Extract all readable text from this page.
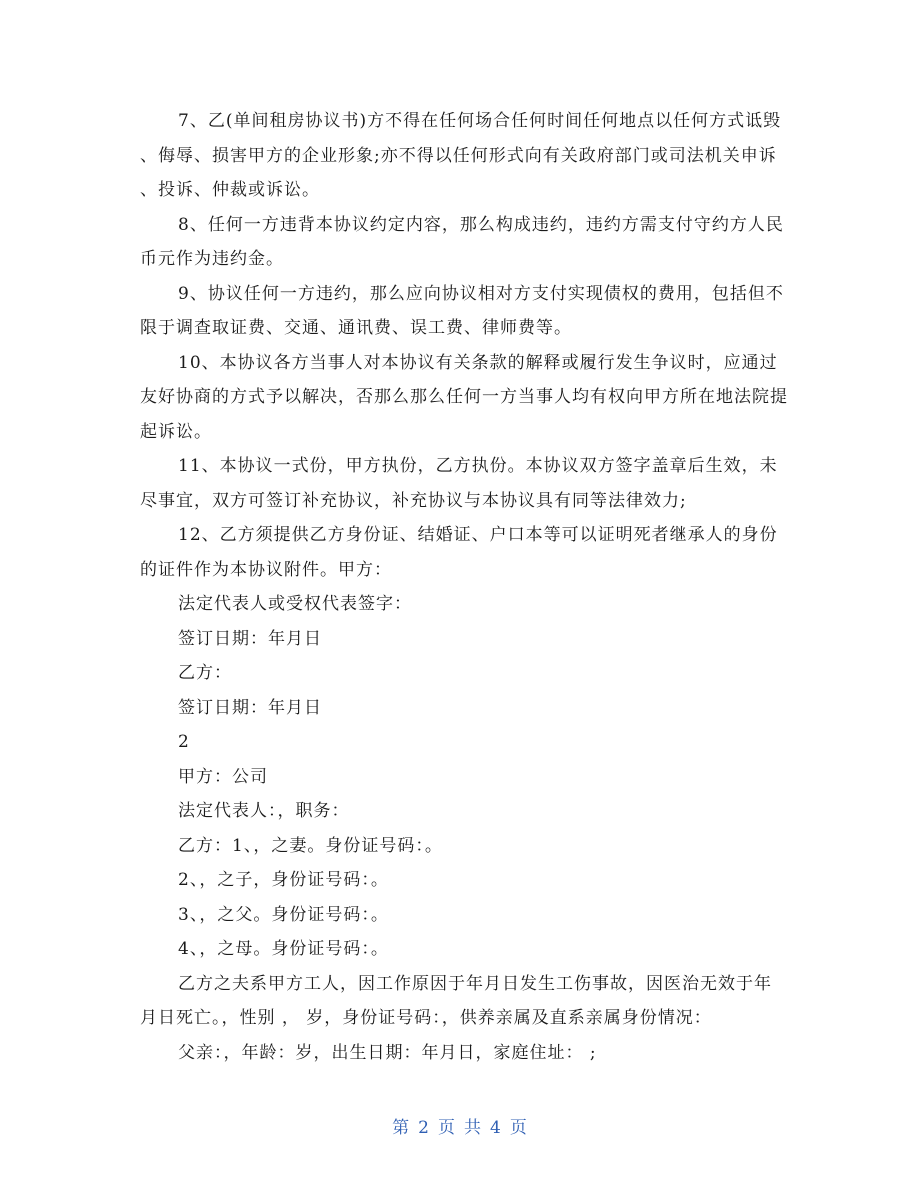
7、乙(单间租房协议书)方不得在任何场合任何时间任何地点以任何方式诋毁
、侮辱、损害甲方的企业形象;亦不得以任何形式向有关政府部门或司法机关申诉
、投诉、仲裁或诉讼。
8、任何一方违背本协议约定内容，那么构成违约，违约方需支付守约方人民
币元作为违约金。
9、协议任何一方违约，那么应向协议相对方支付实现债权的费用，包括但不
限于调查取证费、交通、通讯费、误工费、律师费等。
10、本协议各方当事人对本协议有关条款的解释或履行发生争议时，应通过
友好协商的方式予以解决，否那么那么任何一方当事人均有权向甲方所在地法院提
起诉讼。
11、本协议一式份，甲方执份，乙方执份。本协议双方签字盖章后生效，未
尽事宜，双方可签订补充协议，补充协议与本协议具有同等法律效力;
12、乙方须提供乙方身份证、结婚证、户口本等可以证明死者继承人的身份
的证件作为本协议附件。甲方：
法定代表人或受权代表签字：
签订日期：年月日
乙方：
签订日期：年月日
2
甲方：公司
法定代表人：，职务：
乙方：1、，之妻。身份证号码：。
2、，之子，身份证号码：。
3、，之父。身份证号码：。
4、，之母。身份证号码：。
乙方之夫系甲方工人，因工作原因于年月日发生工伤事故，因医治无效于年
月日死亡。，性别 ， 岁，身份证号码：，供养亲属及直系亲属身份情况：
父亲：，年龄：岁，出生日期：年月日，家庭住址： ;
第 2 页 共 4 页
